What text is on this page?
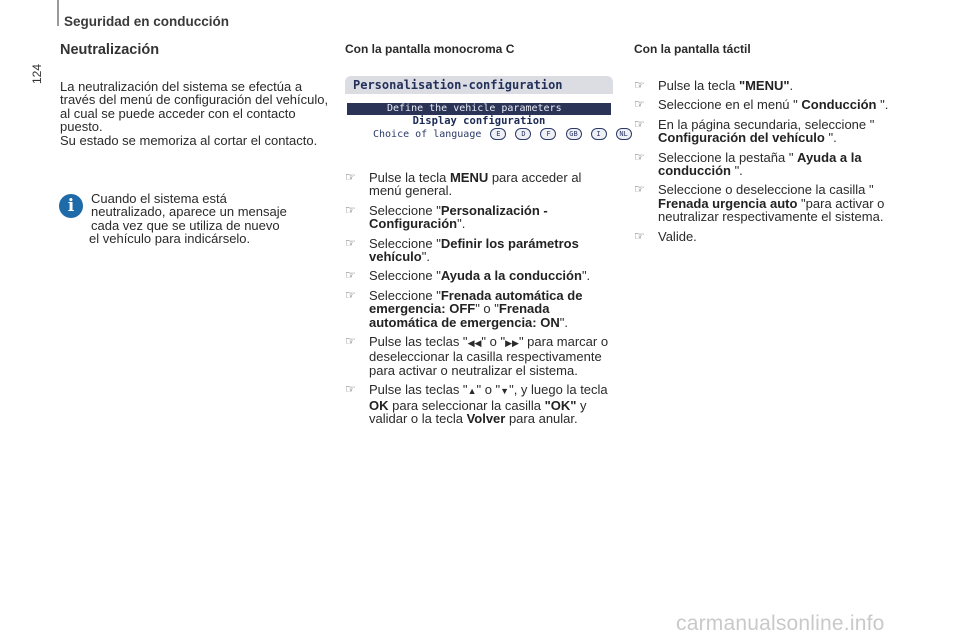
Seguridad en conducción
124
Neutralización
La neutralización del sistema se efectúa a través del menú de configuración del vehículo, al cual se puede acceder con el contacto puesto.
Su estado se memoriza al cortar el contacto.
i	Cuando el sistema está
neutralizado, aparece un mensaje
cada vez que se utiliza de nuevo
el vehículo para indicárselo.
Con la pantalla monocroma C
Personalisation-configuration
Define the vehicle parameters
Display configuration
Choice of language E	D	F	GB	I	NL
☞ Pulse la tecla MENU para acceder al menú general.
☞ Seleccione "Personalización - Configuración".
☞ Seleccione "Definir los parámetros vehículo".
☞ Seleccione "Ayuda a la conducción".
☞ Seleccione "Frenada automática de emergencia: OFF" o "Frenada automática de emergencia: ON".
☞ Pulse las teclas "◀◀" o "▶▶" para marcar o deseleccionar la casilla respectivamente para activar o neutralizar el sistema.
☞ Pulse las teclas "▲" o "▼", y luego la tecla OK para seleccionar la casilla "OK" y validar o la tecla Volver para anular.
Con la pantalla táctil
☞ Pulse la tecla "MENU".
☞ Seleccione en el menú " Conducción ".
☞ En la página secundaria, seleccione " Configuración del vehículo ".
☞ Seleccione la pestaña " Ayuda a la conducción ".
☞ Seleccione o deseleccione la casilla " Frenada urgencia auto "para activar o neutralizar respectivamente el sistema.
☞ Valide.
carmanualsonline.info
